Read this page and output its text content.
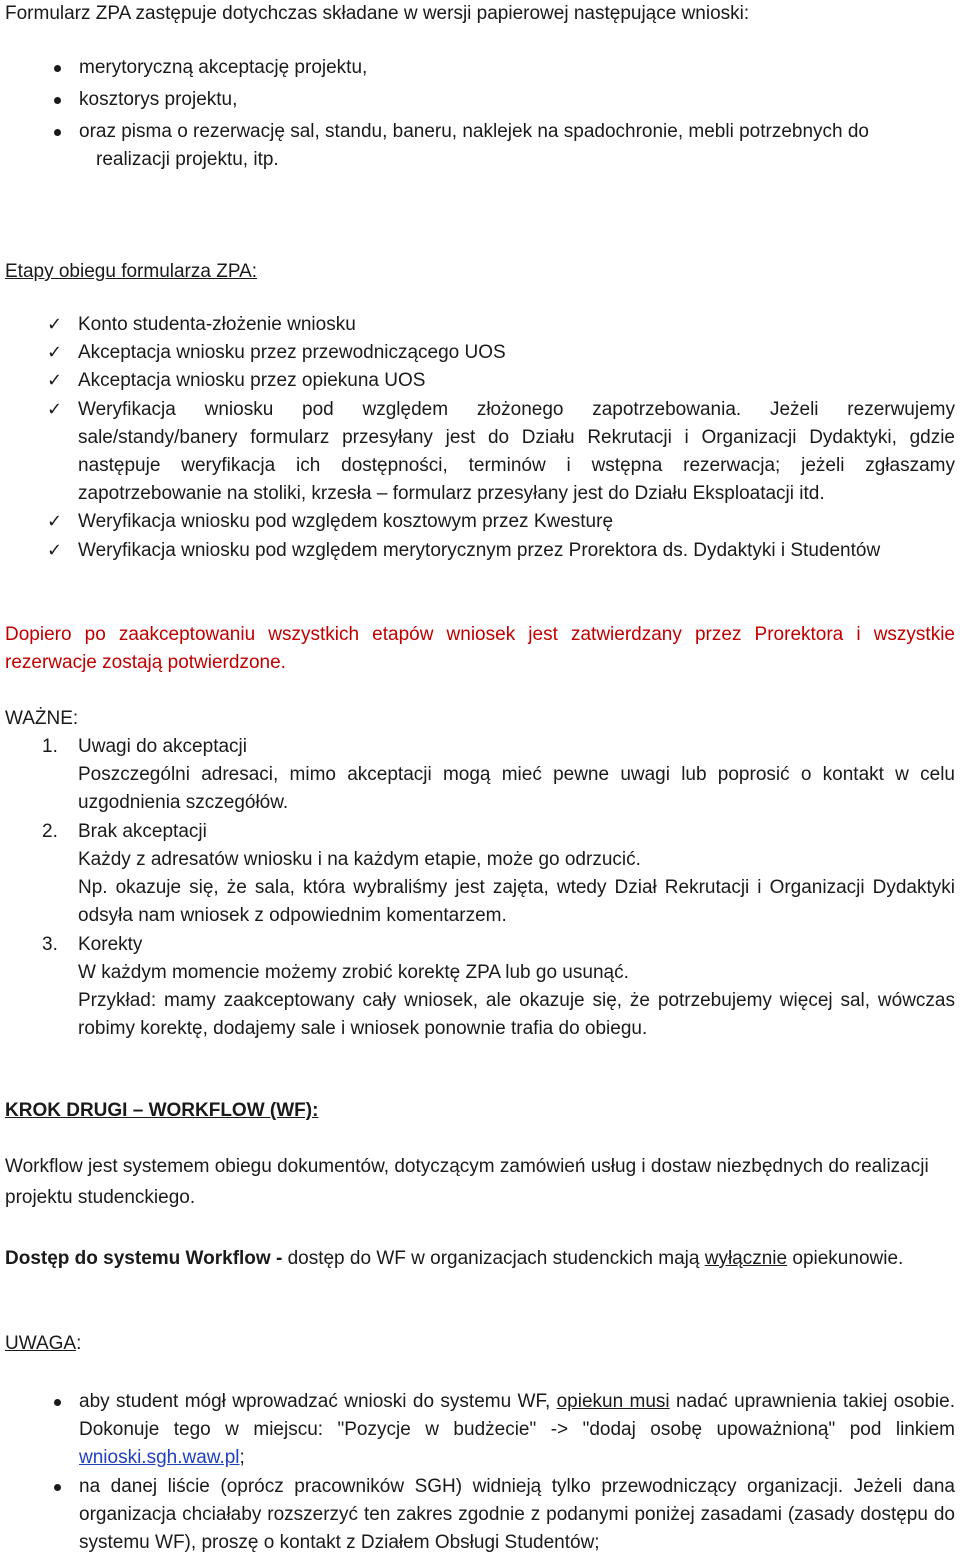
Formularz ZPA zastępuje dotychczas składane w wersji papierowej następujące wnioski:

merytoryczną akceptację projektu,
kosztorys projektu,
oraz pisma o rezerwację sal, standu, baneru, naklejek na spadochronie, mebli potrzebnych do
realizacji projektu, itp.

Etapy obiegu formularza ZPA:

✓ Konto studenta-złożenie wniosku
✓ Akceptacja wniosku przez przewodniczącego UOS
✓ Akceptacja wniosku przez opiekuna UOS
✓ Weryfikacja wniosku pod względem złożonego zapotrzebowania. Jeżeli rezerwujemy sale/standy/banery formularz przesyłany jest do Działu Rekrutacji i Organizacji Dydaktyki, gdzie następuje weryfikacja ich dostępności, terminów i wstępna rezerwacja; jeżeli zgłaszamy zapotrzebowanie na stoliki, krzesła – formularz przesyłany jest do Działu Eksploatacji itd.
✓ Weryfikacja wniosku pod względem kosztowym przez Kwesturę
✓ Weryfikacja wniosku pod względem merytorycznym przez Prorektora ds. Dydaktyki i Studentów

Dopiero po zaakceptowaniu wszystkich etapów wniosek jest zatwierdzany przez Prorektora i wszystkie rezerwacje zostają potwierdzone.

WAŻNE:

1. Uwagi do akceptacji
Poszczególni adresaci, mimo akceptacji mogą mieć pewne uwagi lub poprosić o kontakt w celu uzgodnienia szczegółów.
2. Brak akceptacji
Każdy z adresatów wniosku i na każdym etapie, może go odrzucić.
Np. okazuje się, że sala, która wybraliśmy jest zajęta, wtedy Dział Rekrutacji i Organizacji Dydaktyki odsyła nam wniosek z odpowiednim komentarzem.
3. Korekty
W każdym momencie możemy zrobić korektę ZPA lub go usunąć.
Przykład: mamy zaakceptowany cały wniosek, ale okazuje się, że potrzebujemy więcej sal, wówczas robimy korektę, dodajemy sale i wniosek ponownie trafia do obiegu.

KROK DRUGI – WORKFLOW (WF):

Workflow jest systemem obiegu dokumentów, dotyczącym zamówień usług i dostaw niezbędnych do realizacji projektu studenckiego.

Dostęp do systemu Workflow - dostęp do WF w organizacjach studenckich mają wyłącznie opiekunowie.

UWAGA:

aby student mógł wprowadzać wnioski do systemu WF, opiekun musi nadać uprawnienia takiej osobie. Dokonuje tego w miejscu: "Pozycje w budżecie" -> "dodaj osobę upoważnioną" pod linkiem wnioski.sgh.waw.pl;
na danej liście (oprócz pracowników SGH) widnieją tylko przewodniczący organizacji. Jeżeli dana organizacja chciałaby rozszerzyć ten zakres zgodnie z podanymi poniżej zasadami (zasady dostępu do systemu WF), proszę o kontakt z Działem Obsługi Studentów;
